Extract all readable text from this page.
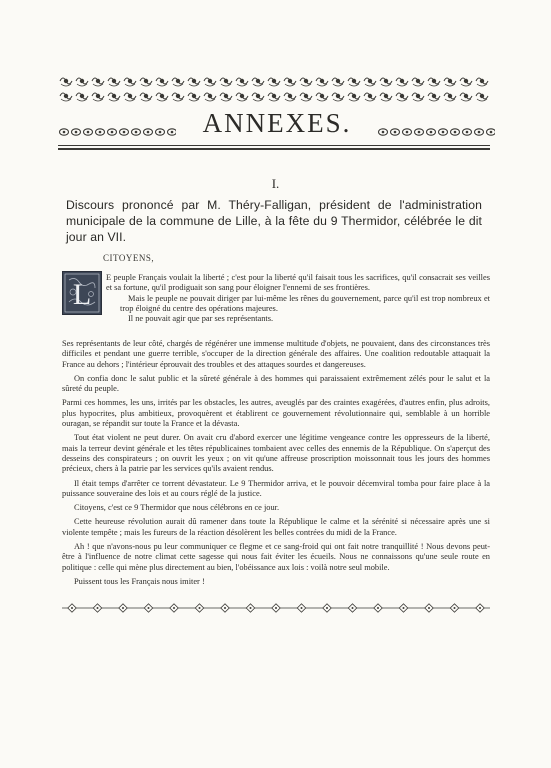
ANNEXES.
I.
Discours prononcé par M. Théry-Falligan, président de l'administration municipale de la commune de Lille, à la fête du 9 Thermidor, célébrée le dit jour an VII.
CITOYENS,
L

E peuple Français voulait la liberté ; c'est pour la liberté qu'il faisait tous les sacrifices, qu'il consacrait ses veilles et sa fortune, qu'il prodiguait son sang pour éloigner l'ennemi de ses frontières.

Mais le peuple ne pouvait diriger par lui-même les rênes du gouvernement, parce qu'il est trop nombreux et trop éloigné du centre des opérations majeures.

Il ne pouvait agir que par ses représentants.

Ses représentants de leur côté, chargés de régénérer une immense multitude d'objets, ne pouvaient, dans des circonstances très difficiles et pendant une guerre terrible, s'occuper de la direction générale des affaires. Une coalition redoutable attaquait la France au dehors ; l'intérieur éprouvait des troubles et des attaques sourdes et dangereuses.

On confia donc le salut public et la sûreté générale à des hommes qui paraissaient extrêmement zélés pour le salut et la sûreté du peuple.

Parmi ces hommes, les uns, irrités par les obstacles, les autres, aveuglés par des craintes exagérées, d'autres enfin, plus adroits, plus hypocrites, plus ambitieux, provoquèrent et établirent ce gouvernement révolutionnaire qui, semblable à un horrible ouragan, se répandit sur toute la France et la dévasta.

Tout état violent ne peut durer. On avait cru d'abord exercer une légitime vengeance contre les oppresseurs de la liberté, mais la terreur devint générale et les têtes républicaines tombaient avec celles des ennemis de la République. On s'aperçut des desseins des conspirateurs ; on ouvrit les yeux ; on vit qu'une affreuse proscription moissonnait tous les jours des hommes précieux, chers à la patrie par les services qu'ils avaient rendus.

Il était temps d'arrêter ce torrent dévastateur. Le 9 Thermidor arriva, et le pouvoir décemviral tomba pour faire place à la puissance souveraine des lois et au cours réglé de la justice.

Citoyens, c'est ce 9 Thermidor que nous célébrons en ce jour.

Cette heureuse révolution aurait dû ramener dans toute la République le calme et la sérénité si nécessaire après une si violente tempête ; mais les fureurs de la réaction désolèrent les belles contrées du midi de la France.

Ah ! que n'avons-nous pu leur communiquer ce flegme et ce sang-froid qui ont fait notre tranquillité ! Nous devons peut-être à l'influence de notre climat cette sagesse qui nous fait éviter les écueils. Nous ne connaissons qu'une seule route en politique : celle qui mène plus directement au bien, l'obéissance aux lois : voilà notre seul mobile.

Puissent tous les Français nous imiter !
